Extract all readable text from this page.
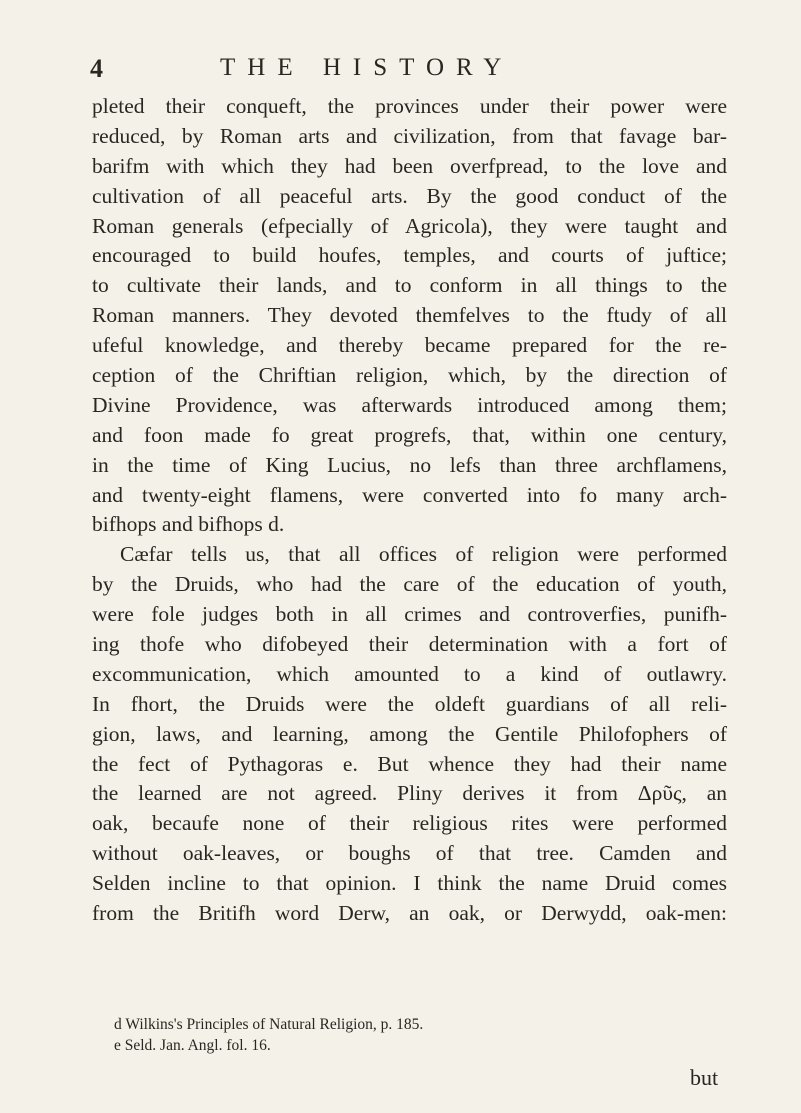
4	THE HISTORY
pleted their conqueft, the provinces under their power were
reduced, by Roman arts and civilization, from that favage bar-
barifm with which they had been overfpread, to the love and
cultivation of all peaceful arts. By the good conduct of the
Roman generals (efpecially of Agricola), they were taught and
encouraged to build houfes, temples, and courts of juftice;
to cultivate their lands, and to conform in all things to the
Roman manners. They devoted themfelves to the ftudy of all
ufeful knowledge, and thereby became prepared for the re-
ception of the Chriftian religion, which, by the direction of
Divine Providence, was afterwards introduced among them;
and foon made fo great progrefs, that, within one century,
in the time of King Lucius, no lefs than three archflamens,
and twenty-eight flamens, were converted into fo many arch-
bifhops and bifhops d.
Cæfar tells us, that all offices of religion were performed
by the Druids, who had the care of the education of youth,
were fole judges both in all crimes and controverfies, punifh-
ing thofe who difobeyed their determination with a fort of
excommunication, which amounted to a kind of outlawry.
In fhort, the Druids were the oldeft guardians of all reli-
gion, laws, and learning, among the Gentile Philofophers of
the fect of Pythagoras e. But whence they had their name
the learned are not agreed. Pliny derives it from Δρῦς, an
oak, becaufe none of their religious rites were performed
without oak-leaves, or boughs of that tree. Camden and
Selden incline to that opinion. I think the name Druid comes
from the Britifh word Derw, an oak, or Derwydd, oak-men:
d Wilkins's Principles of Natural Religion, p. 185.
e Seld. Jan. Angl. fol. 16.
but
